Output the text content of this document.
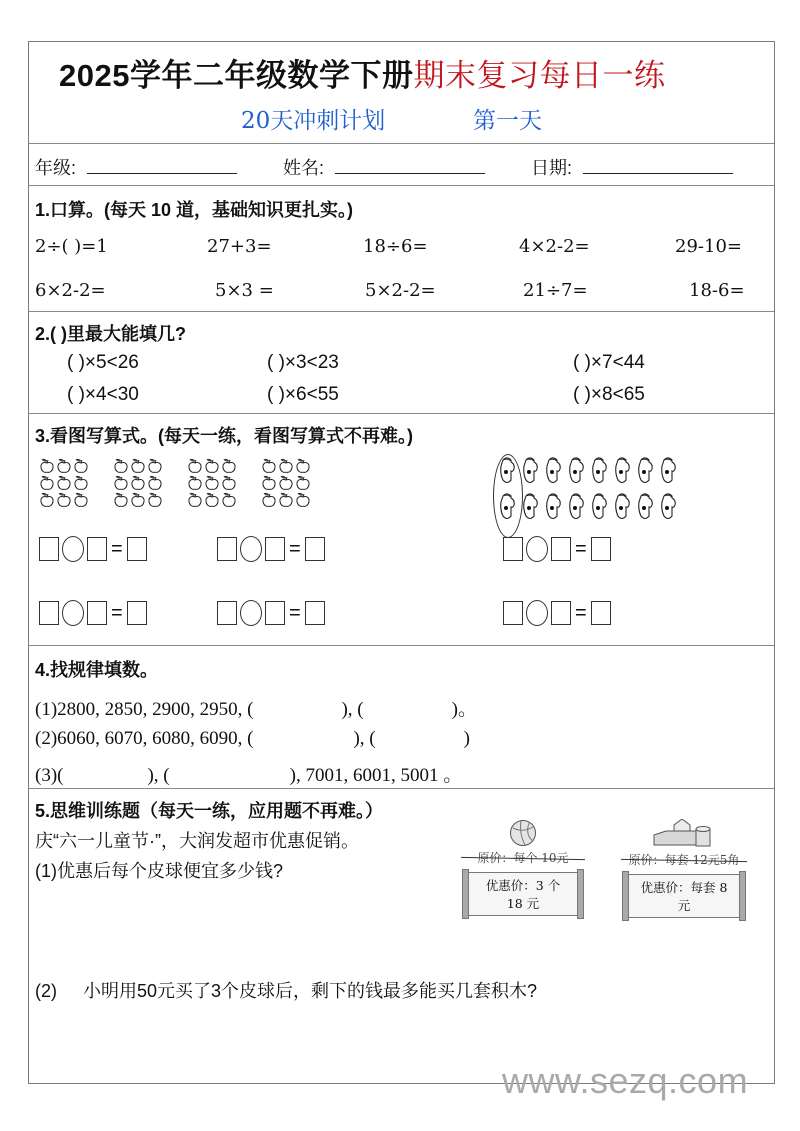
2025学年二年级数学下册期末复习每日一练
20天冲刺计划	第一天
年级:	姓名:	日期:
1.口算。(每天 10 道，基础知识更扎实。)
2÷( )=1	27+3=	18÷6=	4×2-2=	29-10=
6×2-2=	5×3 =	5×2-2=	21÷7=	18-6=
2.( )里最大能填几?
( )×5<26	( )×3<23	( )×7<44
( )×4<30	( )×6<55	( )×8<65
3.看图写算式。(每天一练，看图写算式不再难。)
=	=	=
=	=	=
4.找规律填数。
(1)2800, 2850, 2900, 2950, (	), (	)。
(2)6060, 6070, 6080, 6090, (	), (	)
(3)(	), (	), 7001, 6001, 5001 。
5.思维训练题（每天一练，应用题不再难。）
庆“六一儿童节·”，大润发超市优惠促销。
(1)优惠后每个皮球便宜多少钱?
原价：每个 10元
优惠价：3 个 18 元
原价：每套 12元5角
优惠价：每套 8 元
(2) 小明用50元买了3个皮球后，剩下的钱最多能买几套积木?
www.sezq.com
